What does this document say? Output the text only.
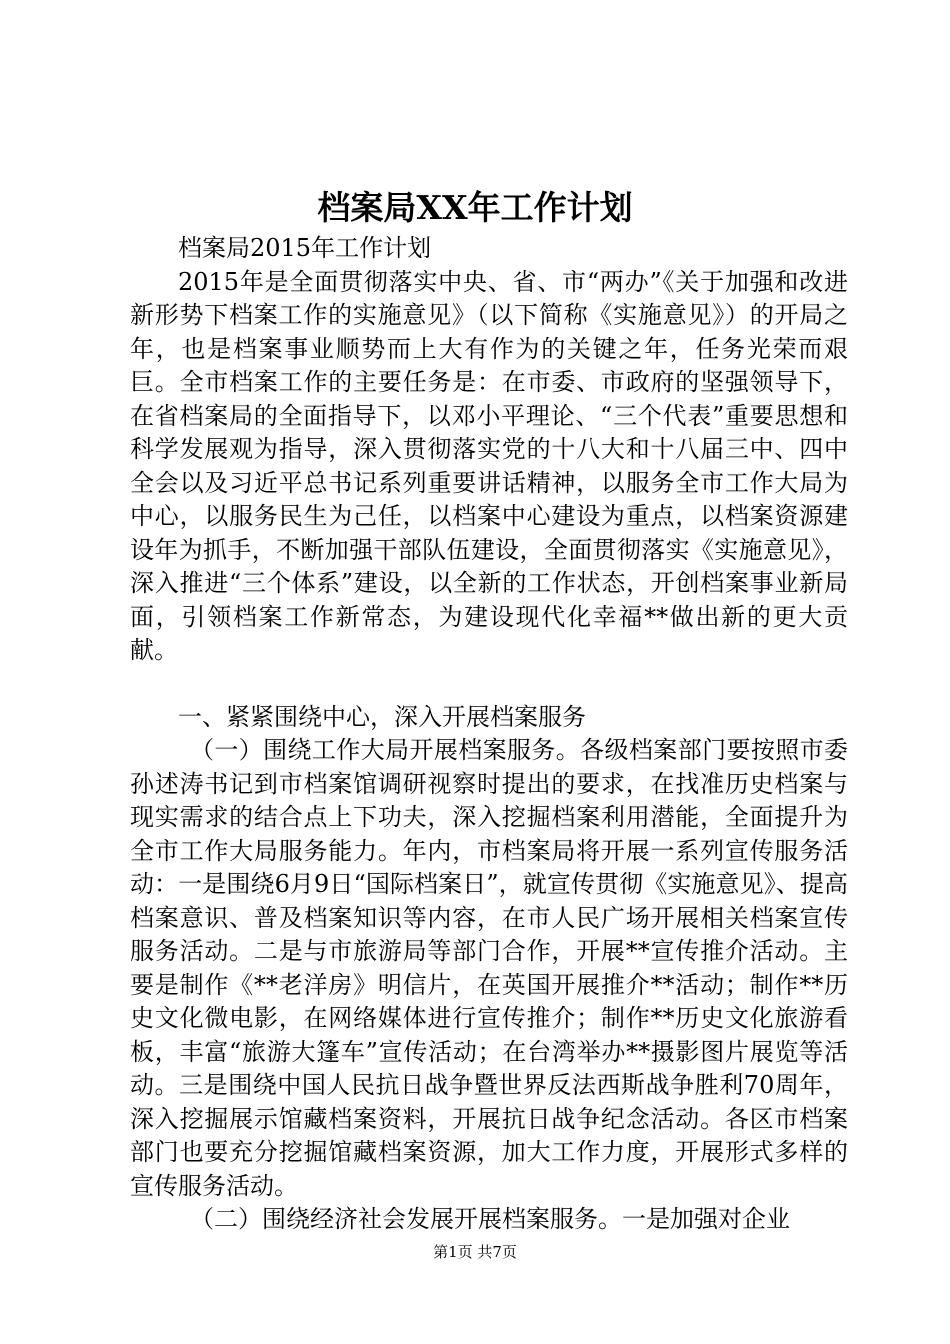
档案局XX年工作计划

档案局2015年工作计划

2015年是全面贯彻落实中央、省、市“两办”《关于加强和改进新形势下档案工作的实施意见》（以下简称《实施意见》）的开局之年，也是档案事业顺势而上大有作为的关键之年，任务光荣而艰巨。全市档案工作的主要任务是：在市委、市政府的坚强领导下，在省档案局的全面指导下，以邓小平理论、“三个代表”重要思想和科学发展观为指导，深入贯彻落实党的十八大和十八届三中、四中全会以及习近平总书记系列重要讲话精神，以服务全市工作大局为中心，以服务民生为己任，以档案中心建设为重点，以档案资源建设年为抓手，不断加强干部队伍建设，全面贯彻落实《实施意见》，深入推进“三个体系”建设，以全新的工作状态，开创档案事业新局面，引领档案工作新常态，为建设现代化幸福**做出新的更大贡献。

一、紧紧围绕中心，深入开展档案服务

（一）围绕工作大局开展档案服务。各级档案部门要按照市委孙述涛书记到市档案馆调研视察时提出的要求，在找准历史档案与现实需求的结合点上下功夫，深入挖掘档案利用潜能，全面提升为全市工作大局服务能力。年内，市档案局将开展一系列宣传服务活动：一是围绕6月9日“国际档案日”，就宣传贯彻《实施意见》、提高档案意识、普及档案知识等内容，在市人民广场开展相关档案宣传服务活动。二是与市旅游局等部门合作，开展**宣传推介活动。主要是制作《**老洋房》明信片，在英国开展推介**活动；制作**历史文化微电影，在网络媒体进行宣传推介；制作**历史文化旅游看板，丰富“旅游大篷车”宣传活动；在台湾举办**摄影图片展览等活动。三是围绕中国人民抗日战争暨世界反法西斯战争胜利70周年，深入挖掘展示馆藏档案资料，开展抗日战争纪念活动。各区市档案部门也要充分挖掘馆藏档案资源，加大工作力度，开展形式多样的宣传服务活动。

（二）围绕经济社会发展开展档案服务。一是加强对企业

第1页 共7页
